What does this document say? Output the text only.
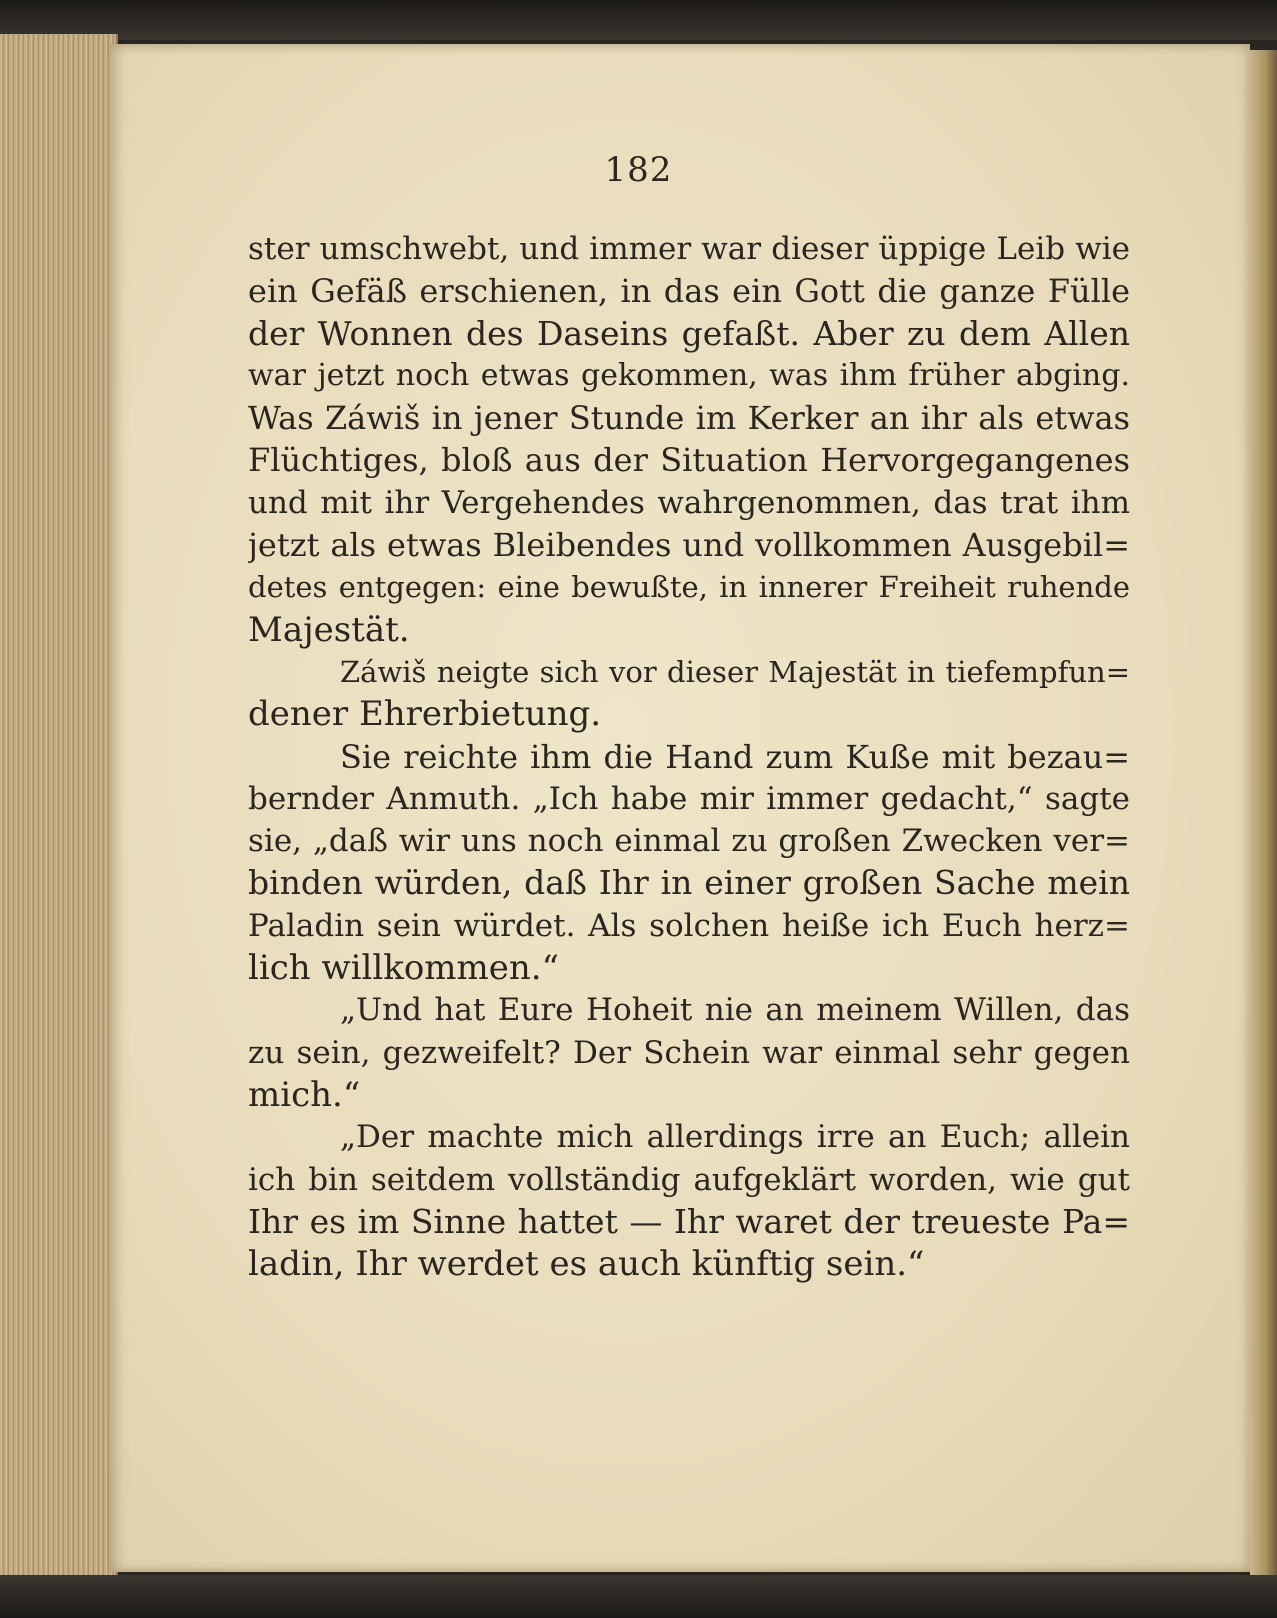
182
ster umschwebt, und immer war dieser üppige Leib wie
ein Gefäß erschienen, in das ein Gott die ganze Fülle
der Wonnen des Daseins gefaßt. Aber zu dem Allen
war jetzt noch etwas gekommen, was ihm früher abging.
Was Záwiš in jener Stunde im Kerker an ihr als etwas
Flüchtiges, bloß aus der Situation Hervorgegangenes
und mit ihr Vergehendes wahrgenommen, das trat ihm
jetzt als etwas Bleibendes und vollkommen Ausgebil=
detes entgegen: eine bewußte, in innerer Freiheit ruhende
Majestät.
Záwiš neigte sich vor dieser Majestät in tiefempfun=
dener Ehrerbietung.
Sie reichte ihm die Hand zum Kuße mit bezau=
bernder Anmuth. „Ich habe mir immer gedacht,“ sagte
sie, „daß wir uns noch einmal zu großen Zwecken ver=
binden würden, daß Ihr in einer großen Sache mein
Paladin sein würdet. Als solchen heiße ich Euch herz=
lich willkommen.“
„Und hat Eure Hoheit nie an meinem Willen, das
zu sein, gezweifelt? Der Schein war einmal sehr gegen
mich.“
„Der machte mich allerdings irre an Euch; allein
ich bin seitdem vollständig aufgeklärt worden, wie gut
Ihr es im Sinne hattet — Ihr waret der treueste Pa=
ladin, Ihr werdet es auch künftig sein.“
